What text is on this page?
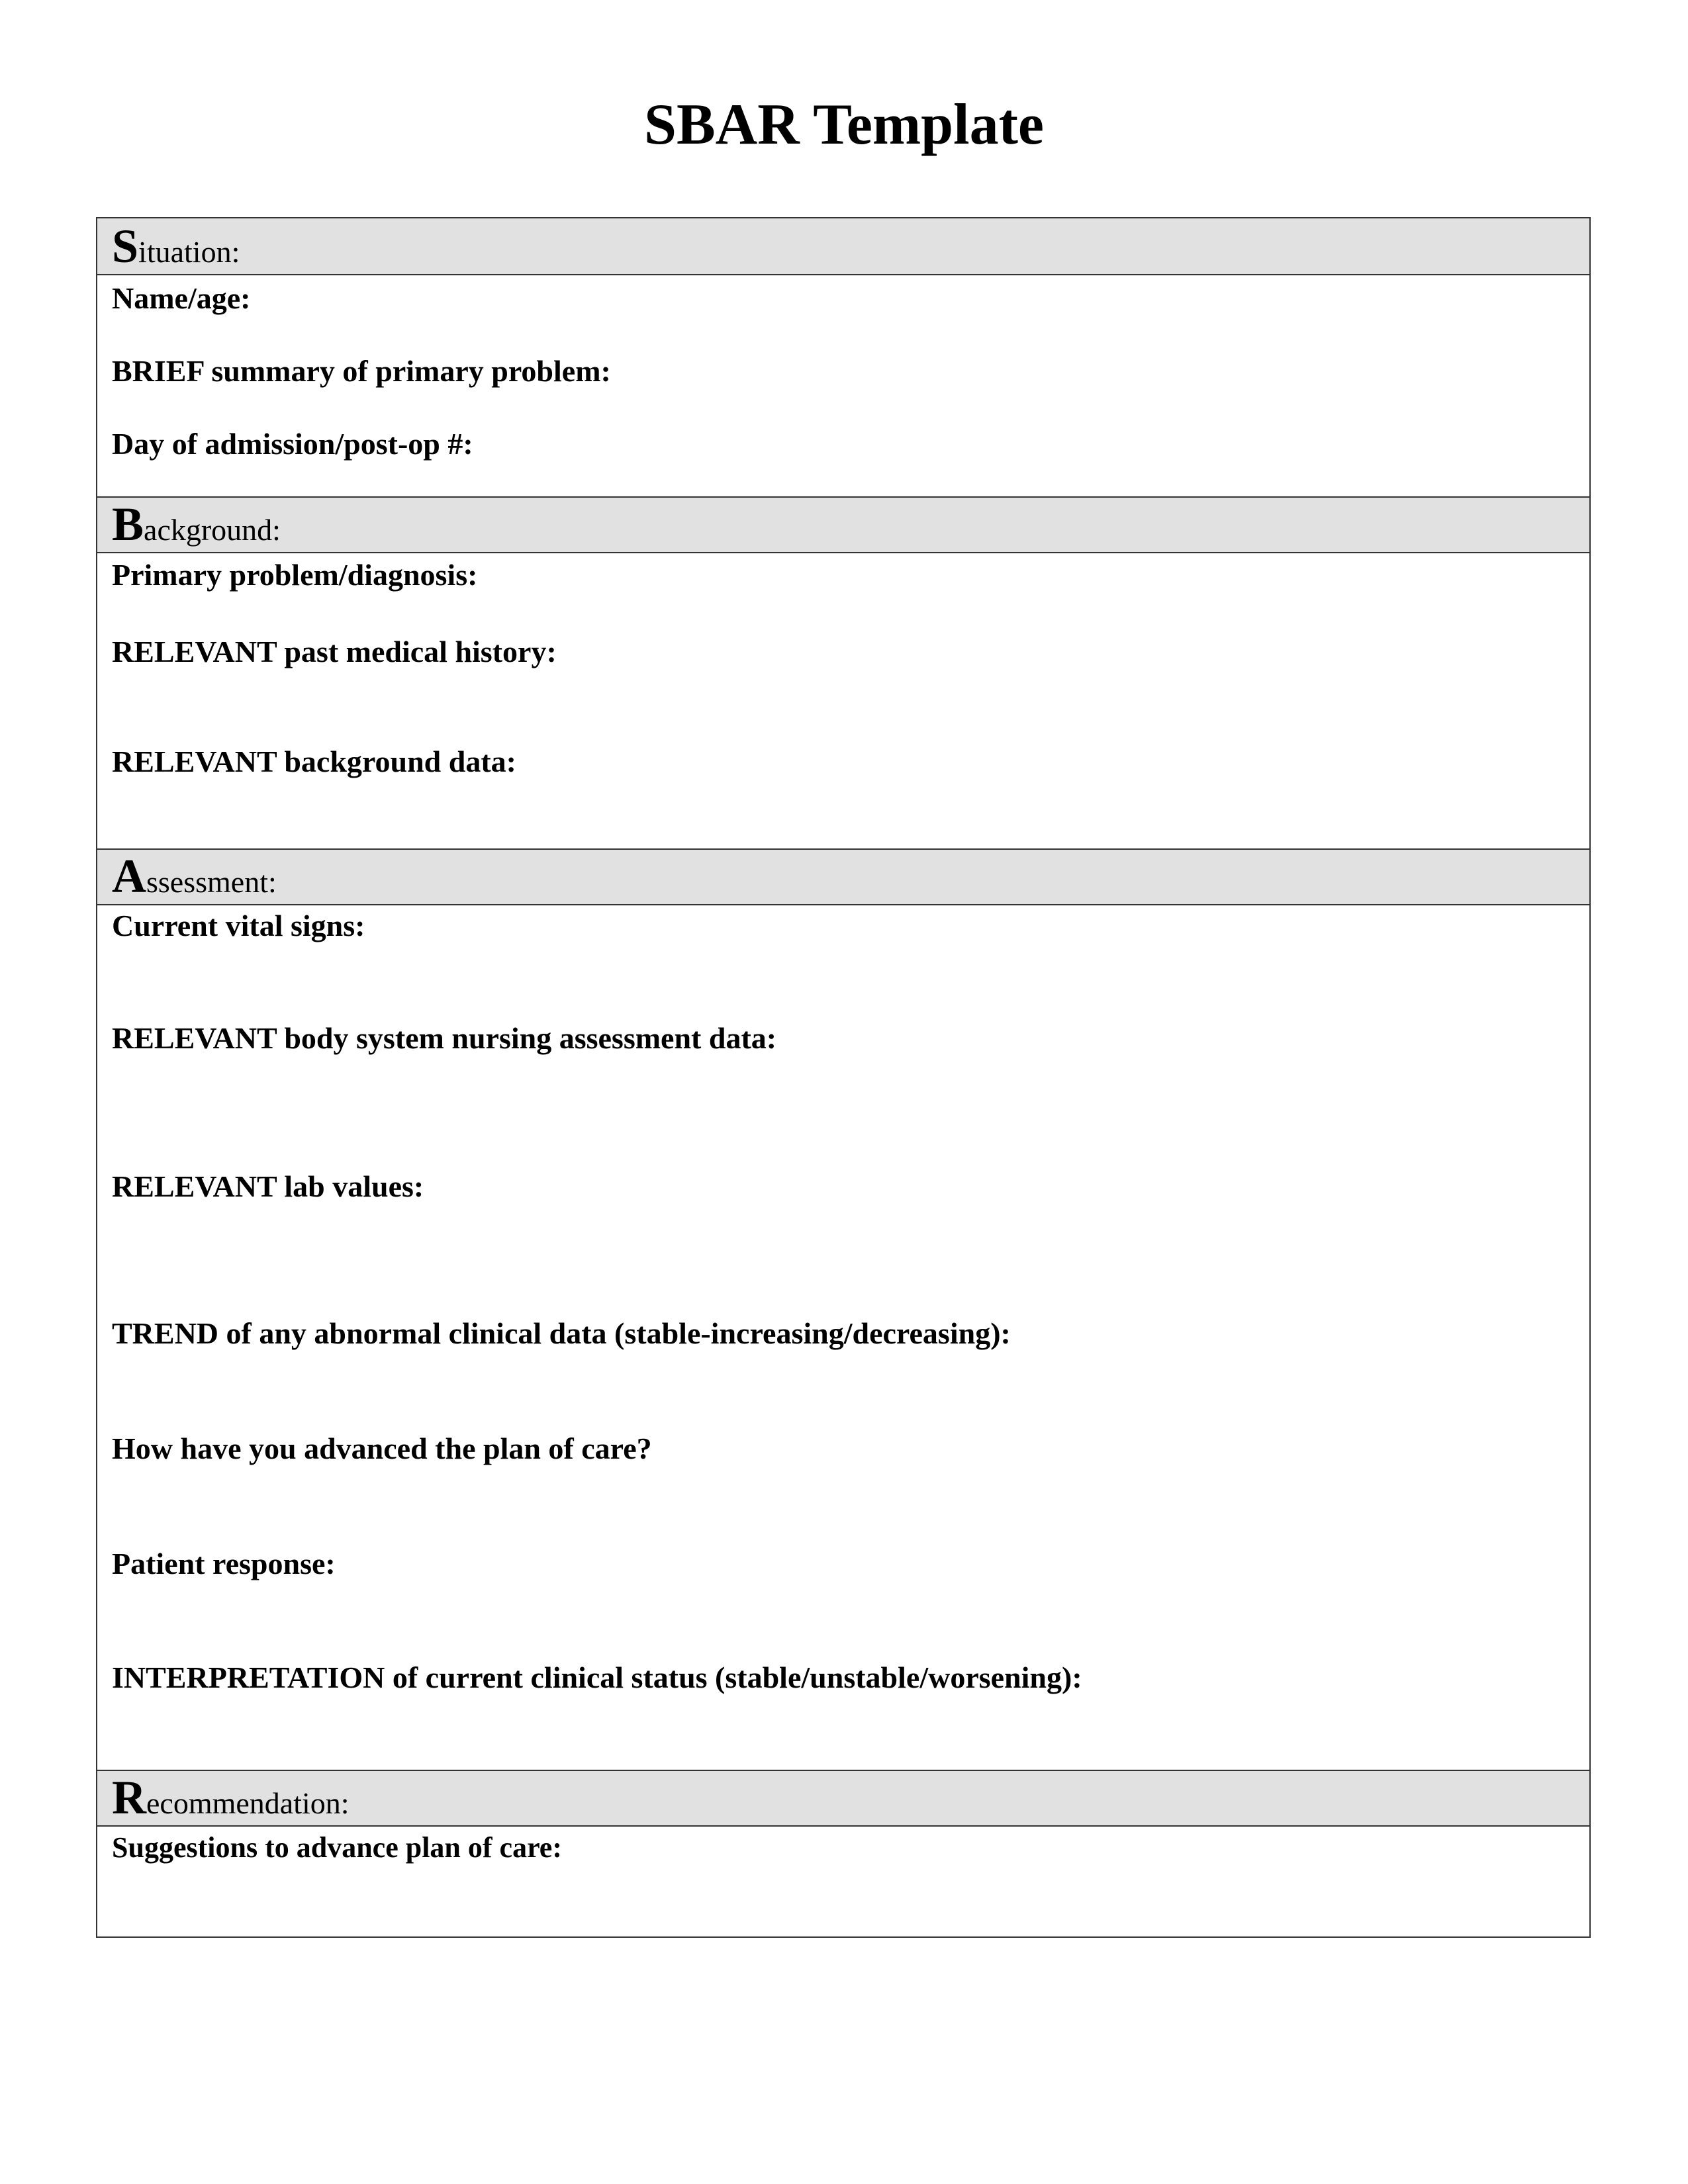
SBAR Template
Situation:
Name/age:
BRIEF summary of primary problem:
Day of admission/post-op #:
Background:
Primary problem/diagnosis:
RELEVANT past medical history:
RELEVANT background data:
Assessment:
Current vital signs:
RELEVANT body system nursing assessment data:
RELEVANT lab values:
TREND of any abnormal clinical data (stable-increasing/decreasing):
How have you advanced the plan of care?
Patient response:
INTERPRETATION of current clinical status (stable/unstable/worsening):
Recommendation:
Suggestions to advance plan of care:
